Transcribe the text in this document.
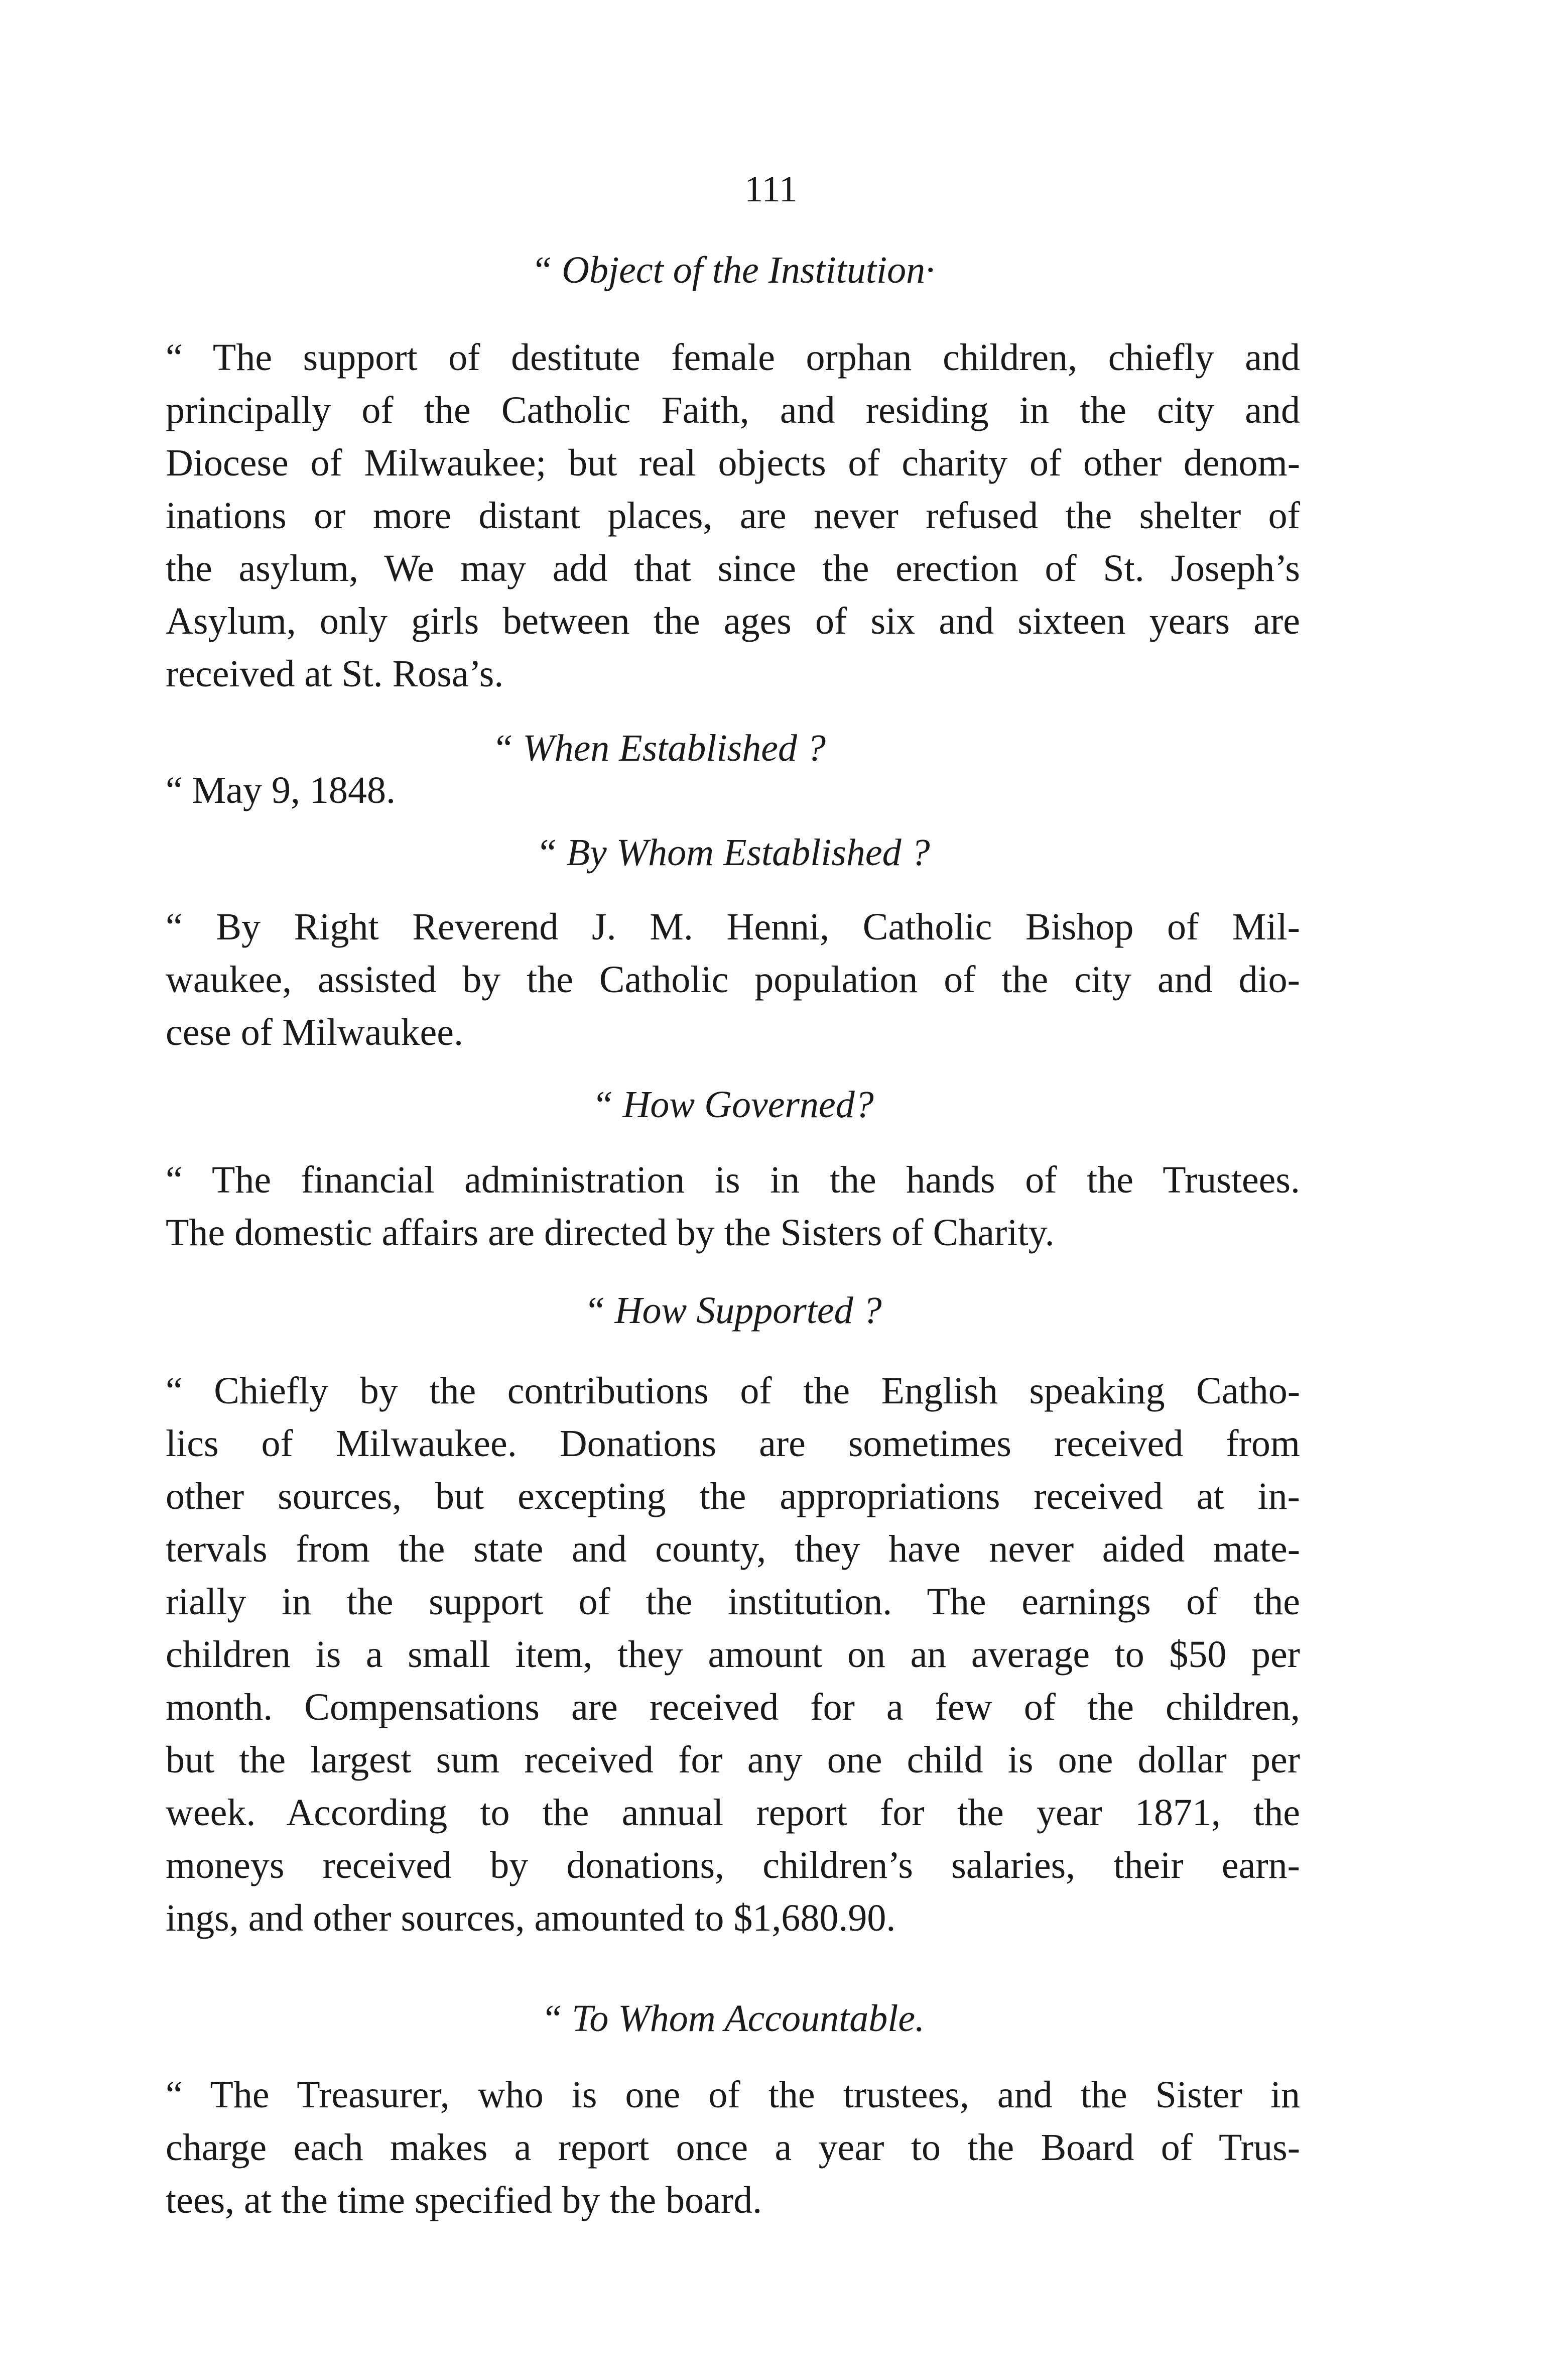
111
“ Object of the Institution·
“ The support of destitute female orphan children, chiefly and
principally of the Catholic Faith, and residing in the city and
Diocese of Milwaukee; but real objects of charity of other denom-
inations or more distant places, are never refused the shelter of
the asylum, We may add that since the erection of St. Joseph’s
Asylum, only girls between the ages of six and sixteen years are
received at St. Rosa’s.
“ When Established ?
“ May 9, 1848.
“ By Whom Established ?
“ By Right Reverend J. M. Henni, Catholic Bishop of Mil-
waukee, assisted by the Catholic population of the city and dio-
cese of Milwaukee.
“ How Governed?
“ The financial administration is in the hands of the Trustees.
The domestic affairs are directed by the Sisters of Charity.
“ How Supported ?
“ Chiefly by the contributions of the English speaking Catho-
lics of Milwaukee. Donations are sometimes received from
other sources, but excepting the appropriations received at in-
tervals from the state and county, they have never aided mate-
rially in the support of the institution. The earnings of the
children is a small item, they amount on an average to $50 per
month. Compensations are received for a few of the children,
but the largest sum received for any one child is one dollar per
week. According to the annual report for the year 1871, the
moneys received by donations, children’s salaries, their earn-
ings, and other sources, amounted to $1,680.90.
“ To Whom Accountable.
“ The Treasurer, who is one of the trustees, and the Sister in
charge each makes a report once a year to the Board of Trus-
tees, at the time specified by the board.
